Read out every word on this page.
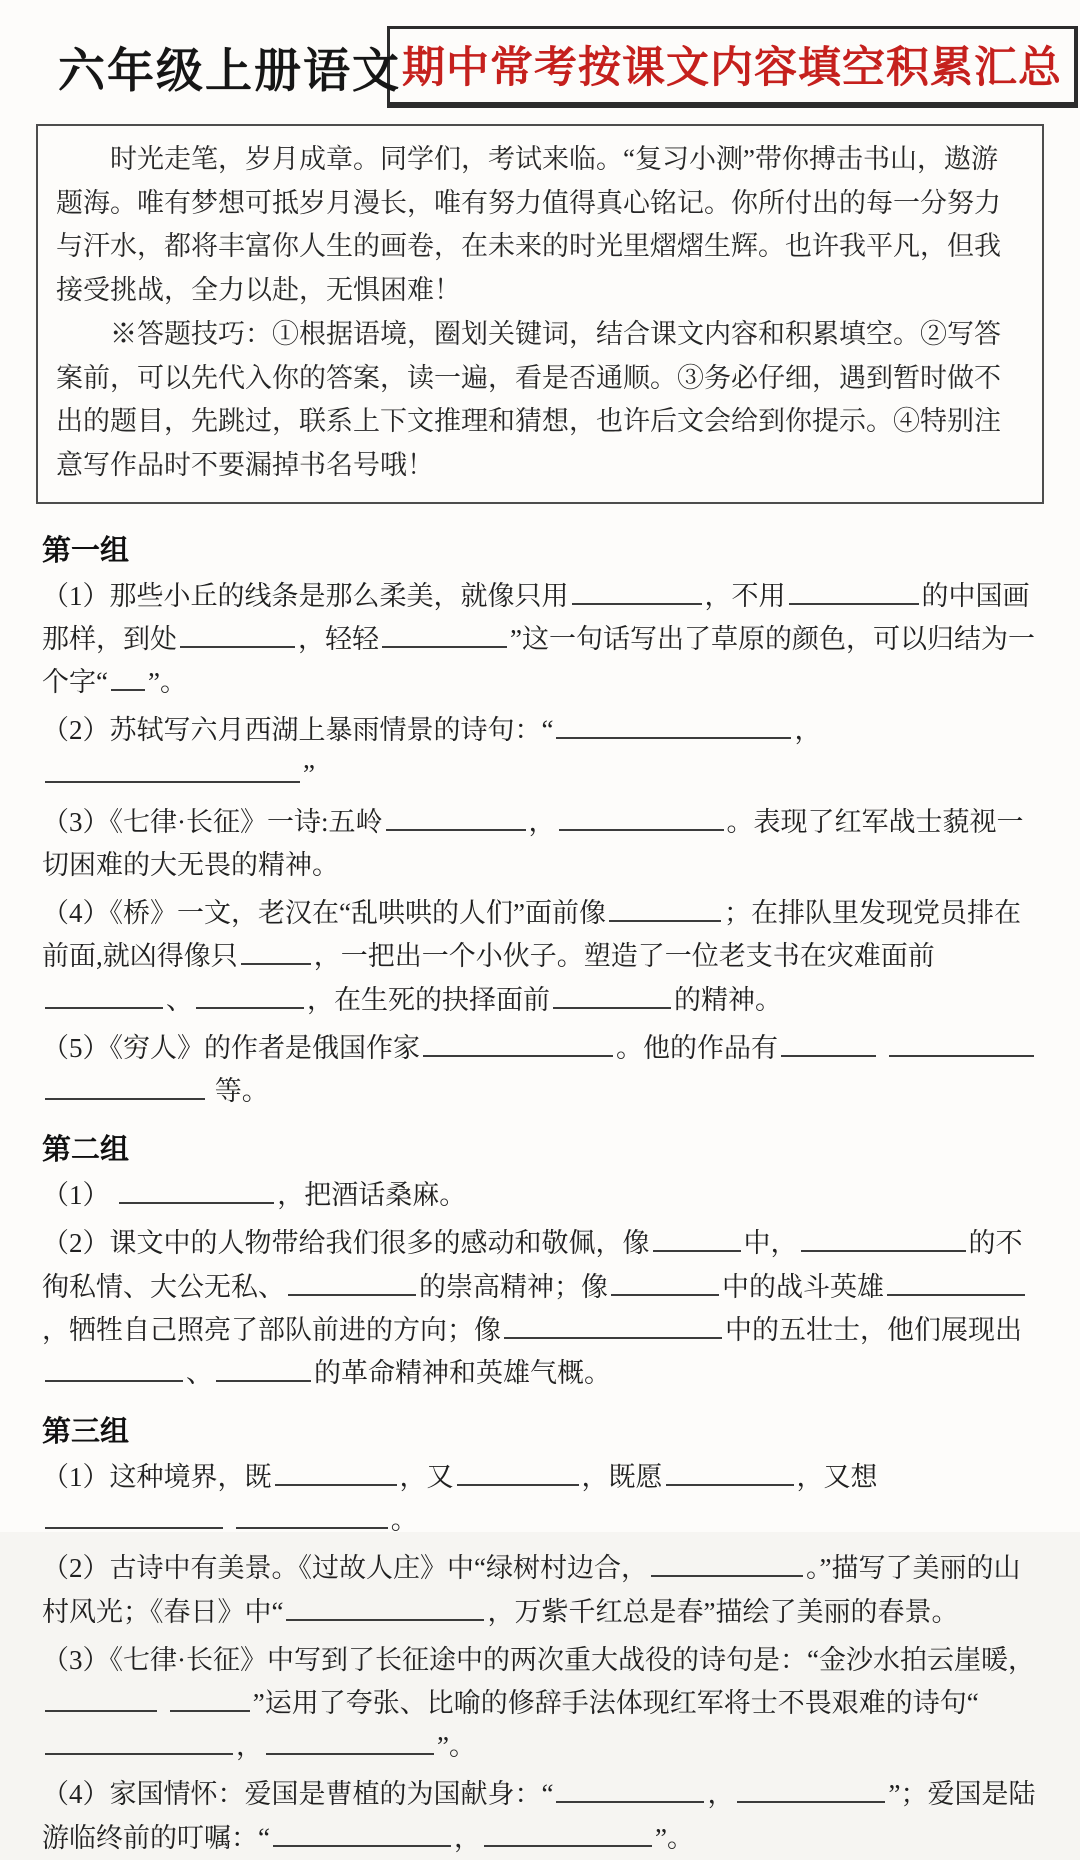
六年级上册语文 期中常考按课文内容填空积累汇总

时光走笔，岁月成章。同学们，考试来临。“复习小测”带你搏击书山，遨游题海。唯有梦想可抵岁月漫长，唯有努力值得真心铭记。你所付出的每一分努力与汗水，都将丰富你人生的画卷，在未来的时光里熠熠生辉。也许我平凡，但我接受挑战，全力以赴，无惧困难！

※答题技巧：①根据语境，圈划关键词，结合课文内容和积累填空。②写答案前，可以先代入你的答案，读一遍，看是否通顺。③务必仔细，遇到暂时做不出的题目，先跳过，联系上下文推理和猜想，也许后文会给到你提示。④特别注意写作品时不要漏掉书名号哦！

第一组

（1）那些小丘的线条是那么柔美，就像只用	，不用	的中国画那样，到处	，轻轻	”这一句话写出了草原的颜色，可以归结为一个字“ ”。

（2）苏轼写六月西湖上暴雨情景的诗句：“	，”

（3）《七律·长征》一诗:五岭	，	。表现了红军战士藐视一切困难的大无畏的精神。

（4）《桥》一文，老汉在“乱哄哄的人们”面前像	；在排队里发现党员排在前面,就凶得像只	，一把出一个小伙子。塑造了一位老支书在灾难面前、	，在生死的抉择面前	的精神。

（5）《穷人》的作者是俄国作家	。他的作品有   等。

第二组

（1）	，把酒话桑麻。

（2）课文中的人物带给我们很多的感动和敬佩，像	中，	的不徇私情、大公无私、	的崇高精神；像	中的战斗英雄，牺牲自己照亮了部队前进的方向；像	中的五壮士，他们展现出、	的革命精神和英雄气概。

第三组

（1）这种境界，既	，又	，既愿	，又想 。

（2）古诗中有美景。《过故人庄》中“绿树村边合，	。”描写了美丽的山村风光；《春日》中“	，万紫千红总是春”描绘了美丽的春景。

（3）《七律·长征》中写到了长征途中的两次重大战役的诗句是：“金沙水拍云崖暖， ”运用了夸张、比喻的修辞手法体现红军将士不畏艰难的诗句“，	”。

（4）家国情怀：爱国是曹植的为国献身：“	，	”；爱国是陆游临终前的叮嘱：“	，	”。
